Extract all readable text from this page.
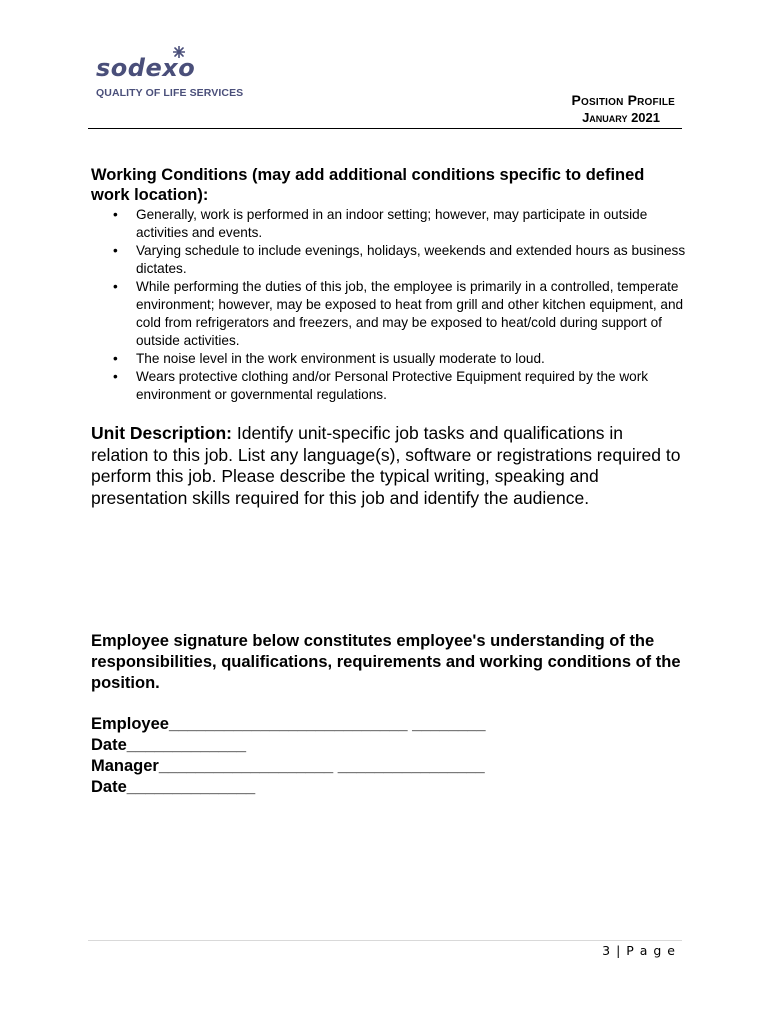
sodexo
QUALITY OF LIFE SERVICES	Position Profile
January 2021
Working Conditions (may add additional conditions specific to defined work location):
• Generally, work is performed in an indoor setting; however, may participate in outside activities and events.
• Varying schedule to include evenings, holidays, weekends and extended hours as business dictates.
• While performing the duties of this job, the employee is primarily in a controlled, temperate environment; however, may be exposed to heat from grill and other kitchen equipment, and cold from refrigerators and freezers, and may be exposed to heat/cold during support of outside activities.
• The noise level in the work environment is usually moderate to loud.
• Wears protective clothing and/or Personal Protective Equipment required by the work environment or governmental regulations.
Unit Description: Identify unit-specific job tasks and qualifications in relation to this job. List any language(s), software or registrations required to perform this job. Please describe the typical writing, speaking and presentation skills required for this job and identify the audience.
Employee signature below constitutes employee's understanding of the responsibilities, qualifications, requirements and working conditions of the position.
Employee__________________________ ________
Date_____________
Manager___________________ ________________
Date______________
3 | P a g e
